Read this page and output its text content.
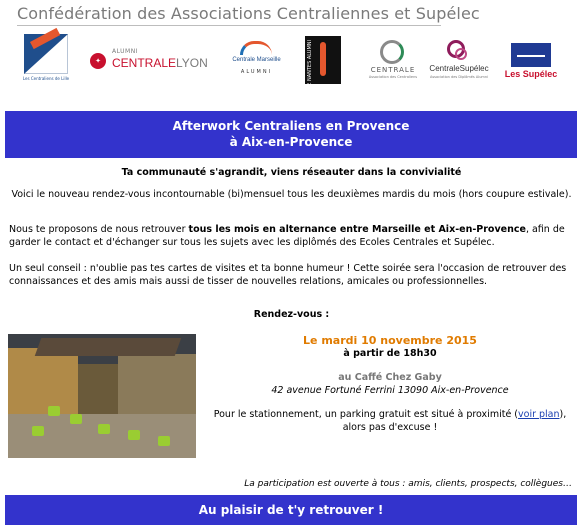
Confédération des Associations Centraliennes et Supélec
Les Centraliens de Lille
✦
ALUMNI
CENTRALELYON	Centrale Marseille
ALUMNI	CENTRALE NANTES ALUMNI	CENTRALE
Association des Centraliens
CentraleSupélec
Association des Diplômés Alumni	Les Supélec
Afterwork Centraliens en Provence
à Aix-en-Provence
Ta communauté s'agrandit, viens réseauter dans la convivialité
Voici le nouveau rendez-vous incontournable (bi)mensuel tous les deuxièmes mardis du mois (hors coupure estivale).
Nous te proposons de nous retrouver tous les mois en alternance entre Marseille et Aix-en-Provence, afin de garder le contact et d'échanger sur tous les sujets avec les diplômés des Ecoles Centrales et Supélec.
Un seul conseil : n'oublie pas tes cartes de visites et ta bonne humeur ! Cette soirée sera l'occasion de retrouver des connaissances et des amis mais aussi de tisser de nouvelles relations, amicales ou professionnelles.
Rendez-vous :
Le mardi 10 novembre 2015
à partir de 18h30
au Caffé Chez Gaby
42 avenue Fortuné Ferrini 13090 Aix-en-Provence
Pour le stationnement, un parking gratuit est situé à proximité (voir plan),
alors pas d'excuse !
La participation est ouverte à tous : amis, clients, prospects, collègues…
Au plaisir de t'y retrouver !
